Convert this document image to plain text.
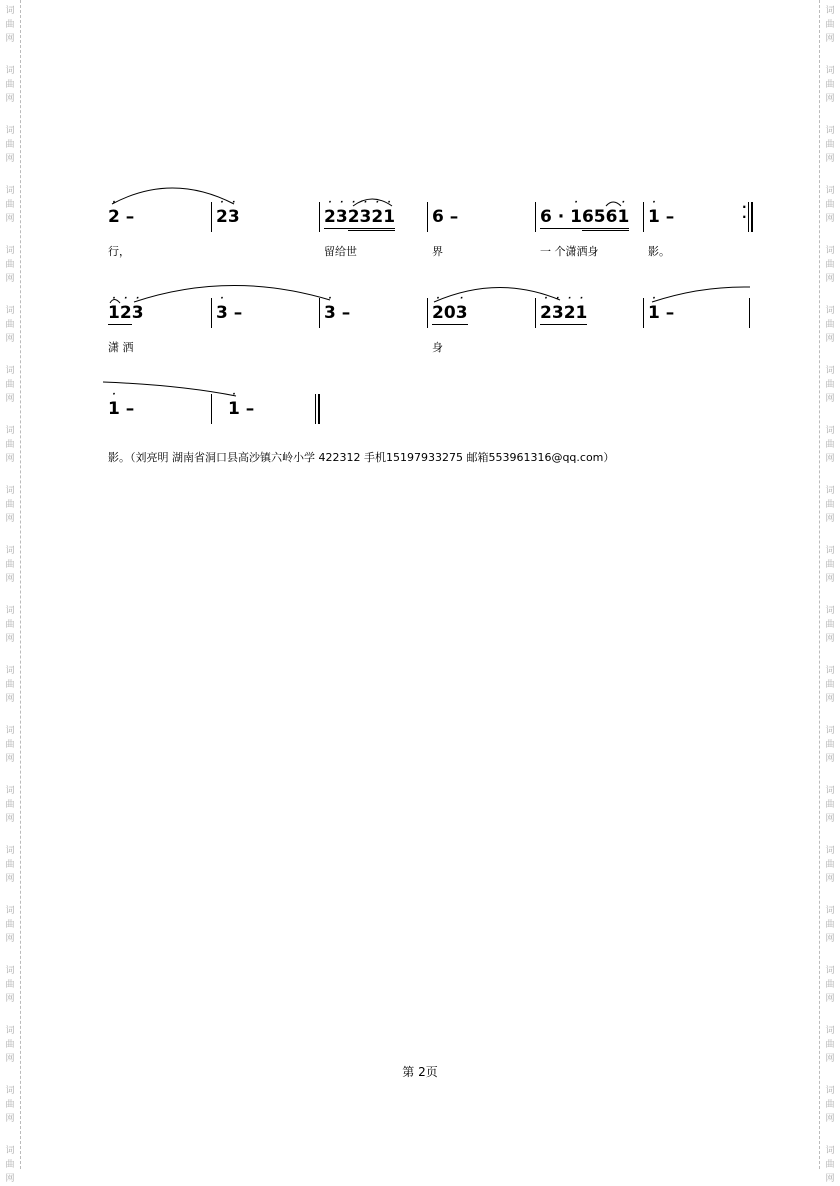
词曲网
词曲网
词曲网
词曲网
词曲网
词曲网
词曲网
词曲网
词曲网
词曲网
词曲网
词曲网
词曲网
词曲网
词曲网
词曲网
词曲网
词曲网
词曲网
词曲网
词曲网
词曲网
词曲网
词曲网
词曲网
词曲网
词曲网
词曲网
词曲网
词曲网
词曲网
词曲网
词曲网
词曲网
词曲网
词曲网
词曲网
词曲网
词曲网
词曲网
2
·
–	2
·
3
·
2
·
3
·
2
·
3
·
2
·
1
·
6 –	6 · 1
·
6561
·
1
·
–	·
·
行，	留给世	界	一 个潇洒身	影。
1
·
2
·
3
·
3
·
–	3
·
–	2
·
03
·
2
·
3
·
2
·
1
·
1
·
–
潇 洒	身
1
·
–	1
·
–
影。（刘亮明 湖南省洞口县高沙镇六岭小学 422312 手机15197933275 邮箱553961316@qq.com）
第 2页
